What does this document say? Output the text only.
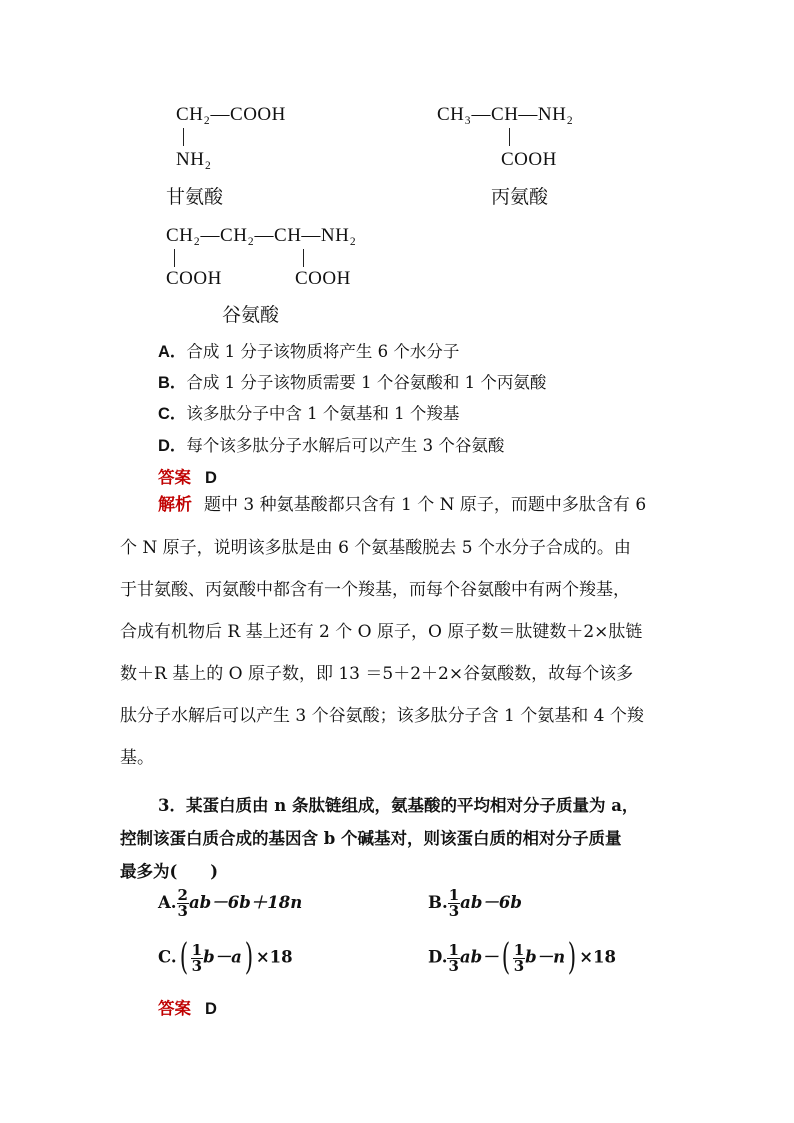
CH₂—COOH
NH₂
甘氨酸
CH₃—CH—NH₂
COOH
丙氨酸
CH₂—CH₂—CH—NH₂
COOH	COOH
谷氨酸
A．合成 1 分子该物质将产生 6 个水分子
B．合成 1 分子该物质需要 1 个谷氨酸和 1 个丙氨酸
C．该多肽分子中含 1 个氨基和 1 个羧基
D．每个该多肽分子水解后可以产生 3 个谷氨酸
答案 D
解析 题中 3 种氨基酸都只含有 1 个 N 原子，而题中多肽含有 6
个 N 原子，说明该多肽是由 6 个氨基酸脱去 5 个水分子合成的。由
于甘氨酸、丙氨酸中都含有一个羧基，而每个谷氨酸中有两个羧基，
合成有机物后 R 基上还有 2 个 O 原子，O 原子数＝肽键数＋2×肽链
数＋R 基上的 O 原子数，即 13 ＝5＋2＋2×谷氨酸数，故每个该多
肽分子水解后可以产生 3 个谷氨酸；该多肽分子含 1 个氨基和 4 个羧
基。
3．某蛋白质由 n 条肽链组成，氨基酸的平均相对分子质量为 a，
控制该蛋白质合成的基因含 b 个碱基对，则该蛋白质的相对分子质量
最多为(　　)
A. $\frac{2}{3} ab-6b+18n$	B. $\frac{1}{3} ab-6b$
$C.( \frac{1}{3} b-a) \times 18$	D. $\frac{1}{3} ab-( \frac{1}{3} b-n) \times 18$
答案 D
